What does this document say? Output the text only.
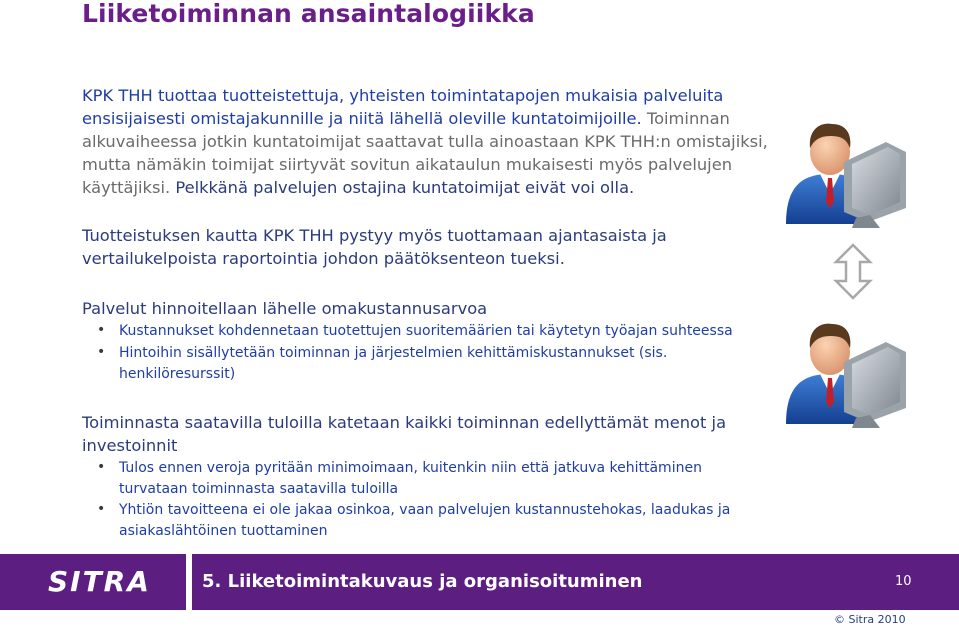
Liiketoiminnan ansaintalogiikka

KPK THH tuottaa tuotteistettuja, yhteisten toimintatapojen mukaisia palveluita ensisijaisesti omistajakunnille ja niitä lähellä oleville kuntatoimijoille. Toiminnan alkuvaiheessa jotkin kuntatoimijat saattavat tulla ainoastaan KPK THH:n omistajiksi, mutta nämäkin toimijat siirtyvät sovitun aikataulun mukaisesti myös palvelujen käyttäjiksi. Pelkkänä palvelujen ostajina kuntatoimijat eivät voi olla.

Tuotteistuksen kautta KPK THH pystyy myös tuottamaan ajantasaista ja vertailukelpoista raportointia johdon päätöksenteon tueksi.

Palvelut hinnoitellaan lähelle omakustannusarvoa

• Kustannukset kohdennetaan tuotettujen suoritemäärien tai käytetyn työajan suhteessa
• Hintoihin sisällytetään toiminnan ja järjestelmien kehittämiskustannukset (sis. henkilöresurssit)

Toiminnasta saatavilla tuloilla katetaan kaikki toiminnan edellyttämät menot ja investoinnit

• Tulos ennen veroja pyritään minimoimaan, kuitenkin niin että jatkuva kehittäminen turvataan toiminnasta saatavilla tuloilla
• Yhtiön tavoitteena ei ole jakaa osinkoa, vaan palvelujen kustannustehokas, laadukas ja asiakaslähtöinen tuottaminen
SITRA	5. Liiketoimintakuvaus ja organisoituminen	10

© Sitra 2010
